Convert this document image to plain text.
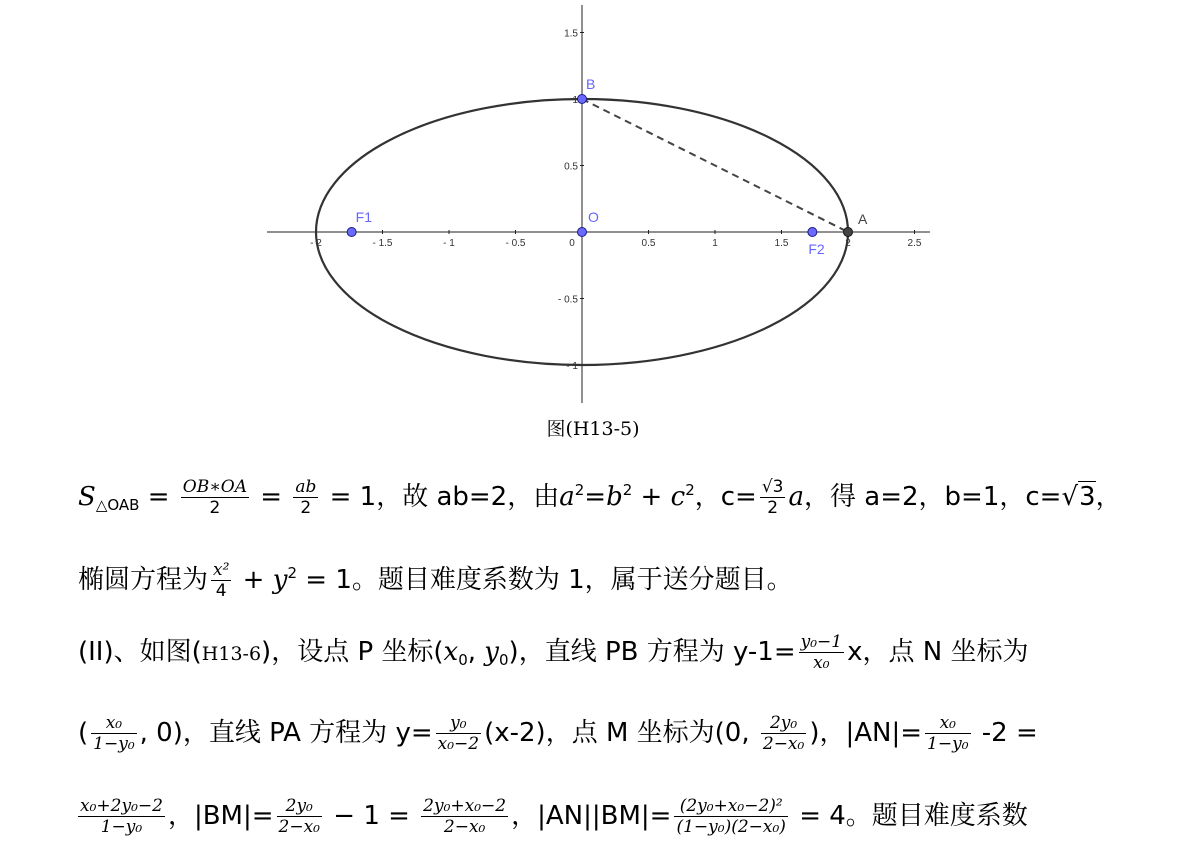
- 2	- 1.5	- 1	- 0.5	0	0.5	1	1.5	2	2.5
1.5
1
0.5
- 0.5
- 1
B
O
F1
F2
A
图(H13-5)
$S_{\triangle OAB} = \frac{OB∗OA}{2} = \frac{ab}{2} = 1$，故 ab=2，由$a^2=b^2 + c^2$，$c= \frac{√3}{2}$ a，得 a=2，b=1，c=√3，
椭圆方程为 $\frac{\text{x²}}{4} + y^2 = 1$。题目难度系数为 1，属于送分题目。
(II)、如图(H13-6)，设点 P 坐标($x_0$, $y_0$)，直线 PB 方程为 $y-1= \frac{\text{y₀−1}}{\text{x₀}}$ x，点 N 坐标为
( $\frac{\text{x₀}}{\text{1−y₀}}$ , 0)，直线 PA 方程为 $y= \frac{\text{y₀}}{\text{x₀−2}} (x-2)$，点 M 坐标为(0, $\frac{\text{2y₀}}{\text{2−x₀}}$ )，$|AN|= \frac{\text{x₀}}{\text{1−y₀}} -2$ =
$\frac{\text{x₀+2y₀−2}}{\text{1−y₀}}$ ，$|BM|= \frac{\text{2y₀}}{\text{2−x₀}} - 1 = \frac{\text{2y₀+x₀−2}}{\text{2−x₀}}$ ，$|AN||BM|= \frac{\text{(2y₀+x₀−2)²}}{\text{(1−y₀)(2−x₀)}} = 4$。题目难度系数
